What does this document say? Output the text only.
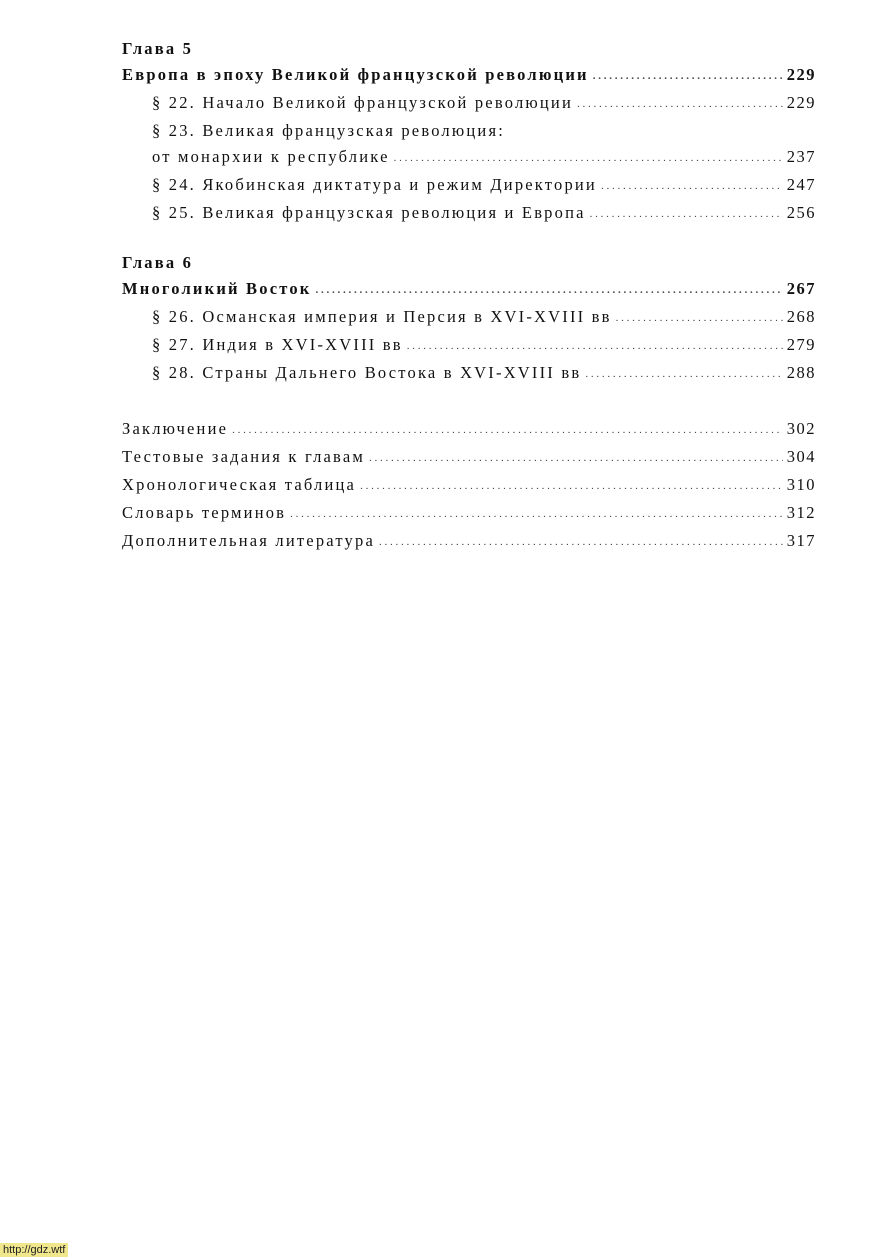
Глава 5
Европа в эпоху Великой французской революции . . .	229
§ 22. Начало Великой французской революции . . .	229
§ 23. Великая французская революция:
от монархии к республике . . .	237
§ 24. Якобинская диктатура и режим Директории . . .	247
§ 25. Великая французская революция и Европа . . .	256
Глава 6
Многоликий Восток . . .	267
§ 26. Османская империя и Персия в XVI-XVIII вв . . .	268
§ 27. Индия в XVI-XVIII вв . . .	279
§ 28. Страны Дальнего Востока в XVI-XVIII вв . . .	288
Заключение . . .	302
Тестовые задания к главам . . .	304
Хронологическая таблица . . .	310
Словарь терминов . . .	312
Дополнительная литература . . .	317
http://gdz.wtf
